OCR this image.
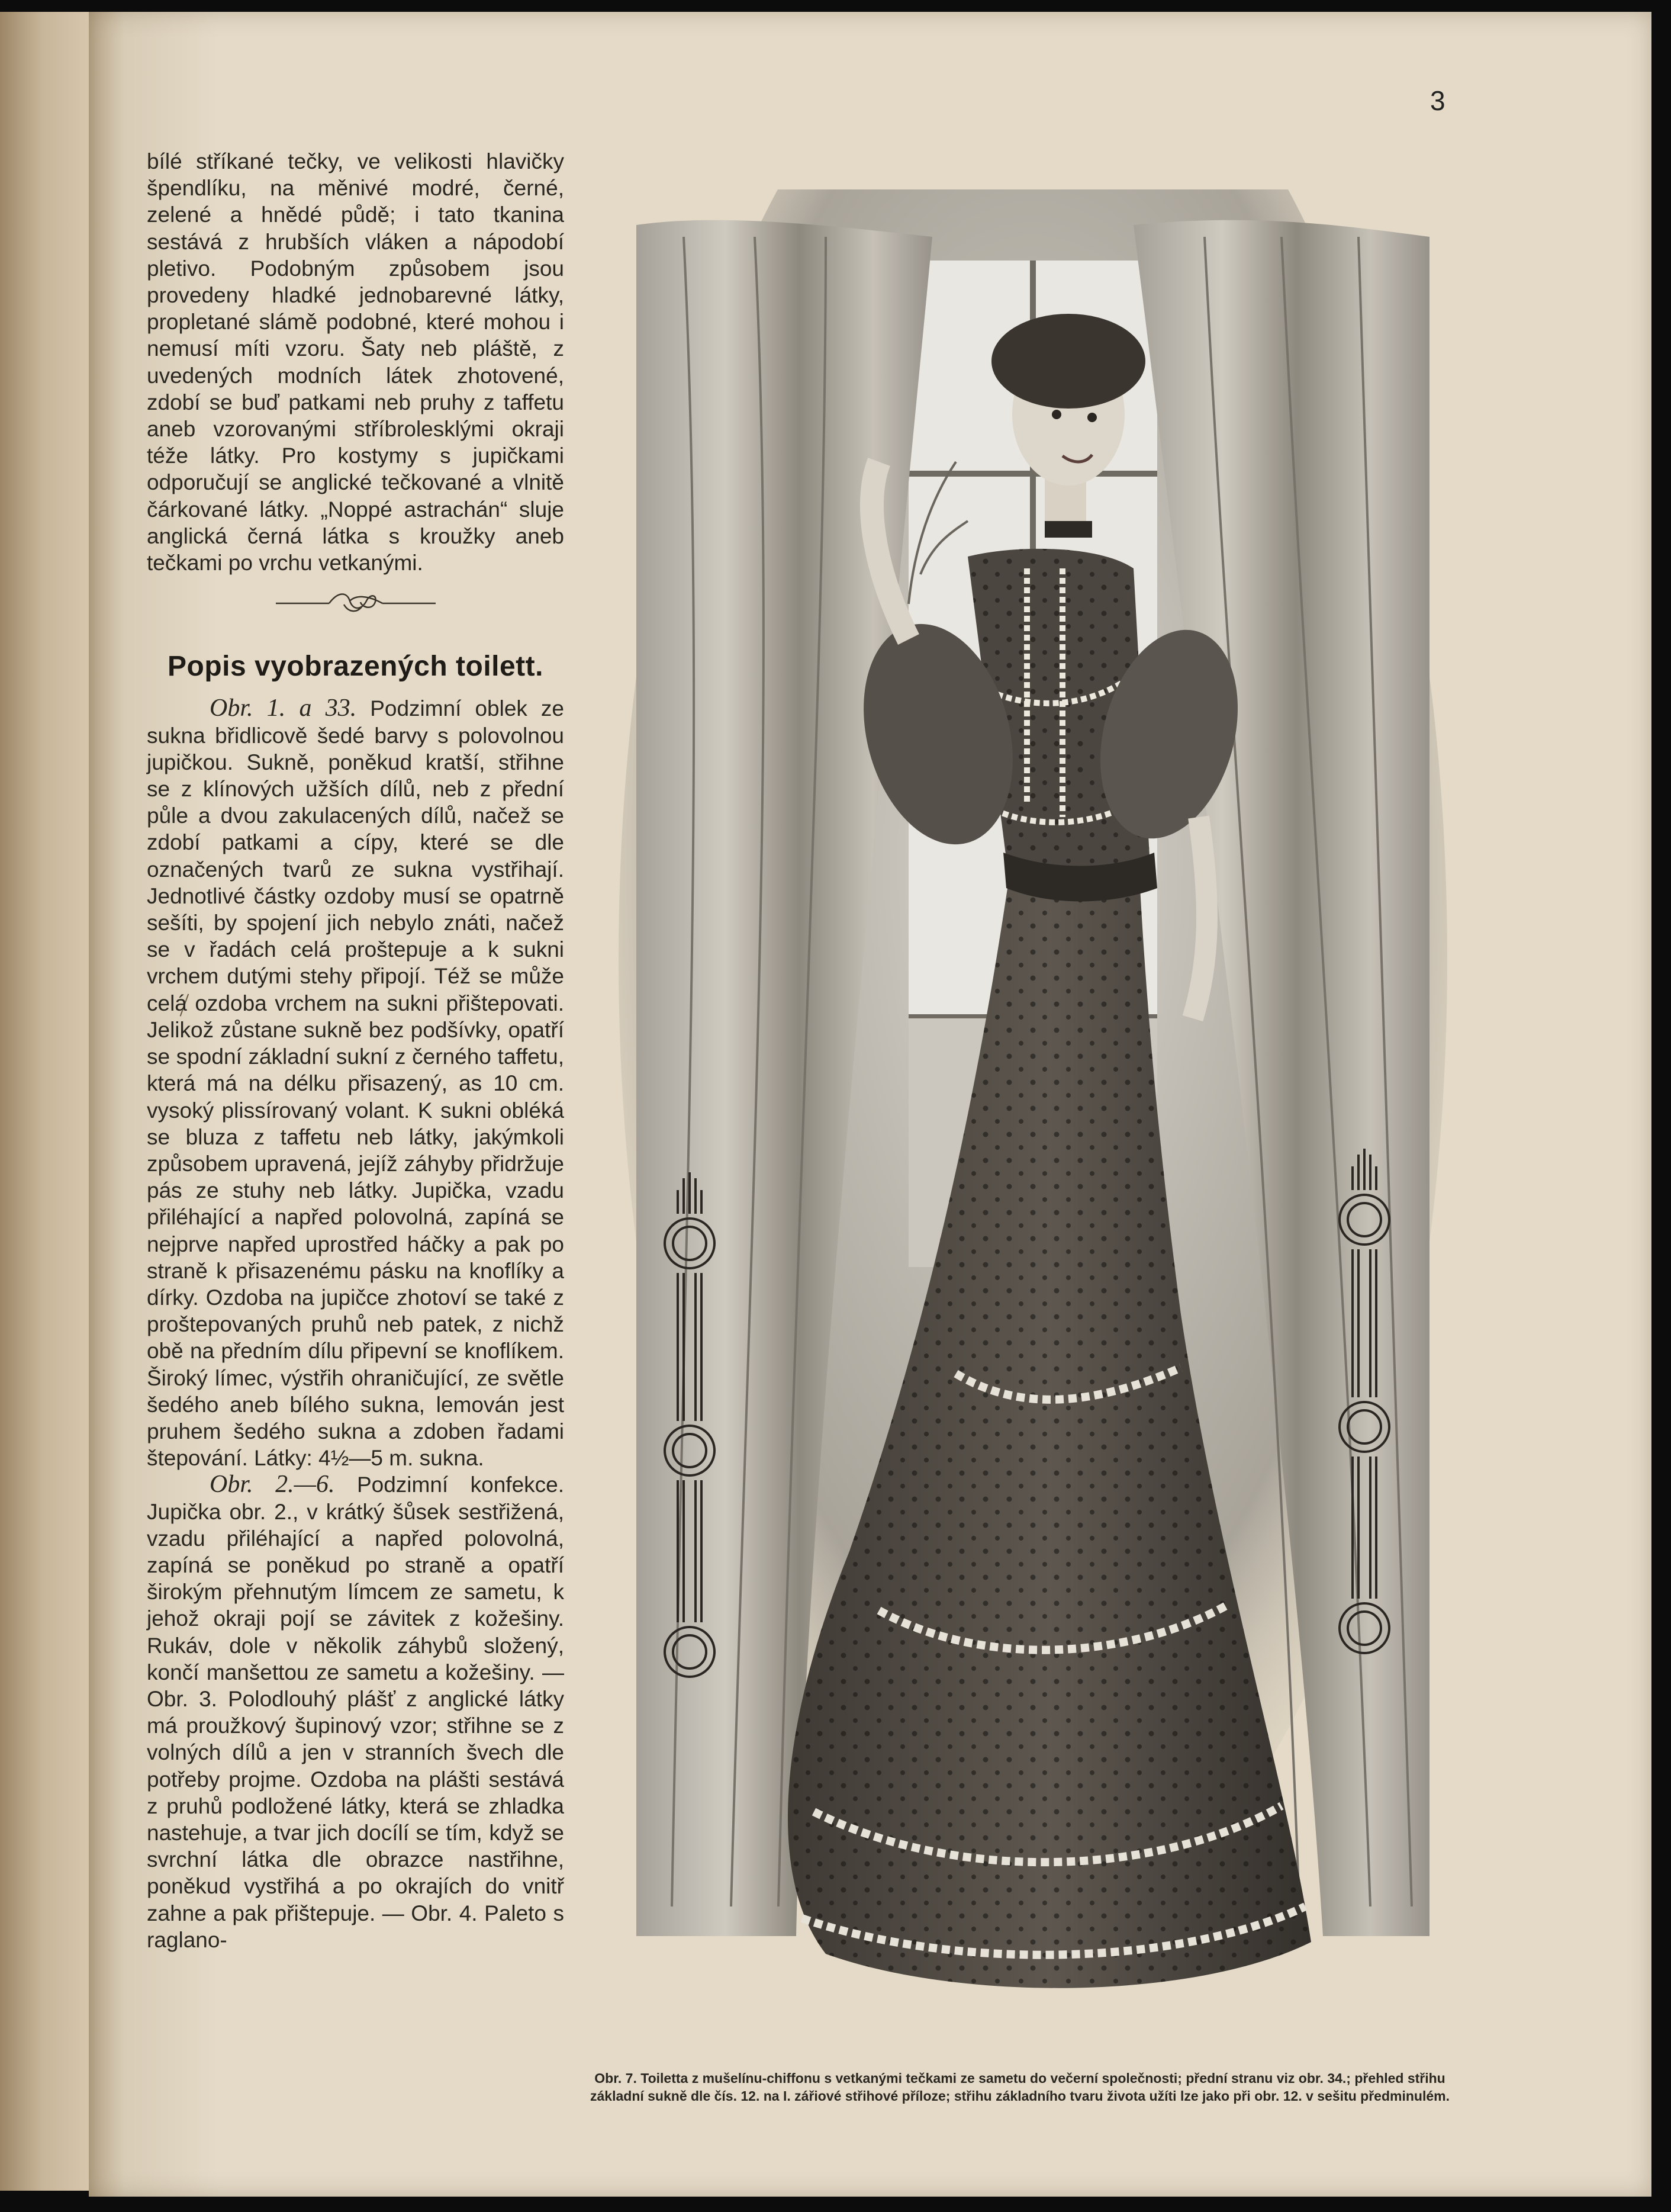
3

bílé stříkané tečky, ve velikosti hlavičky špendlíku, na měnivé modré, černé, zelené a hnědé půdě; i tato tkanina sestává z hrubších vláken a nápodobí pletivo. Podobným způsobem jsou provedeny hladké jednobarevné látky, propletané slámě podobné, které mohou i nemusí míti vzoru. Šaty neb pláště, z uvedených modních látek zhotovené, zdobí se buď patkami neb pruhy z taffetu aneb vzorovanými stříbrolesklými okraji téže látky. Pro kostymy s jupičkami odporučují se anglické tečkované a vlnitě čárkované látky. „Noppé astrachán“ sluje anglická černá látka s kroužky aneb tečkami po vrchu vetkanými.

Popis vyobrazených toilett.

Obr. 1. a 33. Podzimní oblek ze sukna břidlicově šedé barvy s polovolnou jupičkou. Sukně, poněkud kratší, střihne se z klínových užších dílů, neb z přední půle a dvou zakulacených dílů, načež se zdobí patkami a cípy, které se dle označených tvarů ze sukna vystřihají. Jednotlivé částky ozdoby musí se opatrně sešíti, by spojení jich nebylo znáti, načež se v řadách celá proštepuje a k sukni vrchem dutými stehy připojí. Též se může celá ozdoba vrchem na sukni přištepovati. Jelikož zůstane sukně bez podšívky, opatří se spodní základní sukní z černého taffetu, která má na délku přisazený, as 10 cm. vysoký plissírovaný volant. K sukni obléká se bluza z taffetu neb látky, jakýmkoli způsobem upravená, jejíž záhyby přidržuje pás ze stuhy neb látky. Jupička, vzadu přiléhající a napřed polovolná, zapíná se nejprve napřed uprostřed háčky a pak po straně k přisazenému pásku na knoflíky a dírky. Ozdoba na jupičce zhotoví se také z proštepovaných pruhů neb patek, z nichž obě na předním dílu připevní se knoflíkem. Široký límec, výstřih ohraničující, ze světle šedého aneb bílého sukna, lemován jest pruhem šedého sukna a zdoben řadami štepování. Látky: 4½—5 m. sukna.

Obr. 2.—6. Podzimní konfekce. Jupička obr. 2., v krátký šůsek sestřižená, vzadu přiléhající a napřed polovolná, zapíná se poněkud po straně a opatří širokým přehnutým límcem ze sametu, k jehož okraji pojí se závitek z kožešiny. Rukáv, dole v několik záhybů složený, končí manšettou ze sametu a kožešiny. — Obr. 3. Polodlouhý plášť z anglické látky má proužkový šupinový vzor; střihne se z volných dílů a jen v stranních švech dle potřeby projme. Ozdoba na plášti sestává z pruhů podložené látky, která se zhladka nastehuje, a tvar jich docílí se tím, když se svrchní látka dle obrazce nastřihne, poněkud vystřihá a po okrajích do vnitř zahne a pak přištepuje. — Obr. 4. Paleto s raglano-

Obr. 7. Toiletta z mušelínu-chiffonu s vetkanými tečkami ze sametu do večerní společnosti; přední stranu viz obr. 34.; přehled střihu základní sukně dle čís. 12. na I. zářiové střihové příloze; střihu základního tvaru života užíti lze jako při obr. 12. v sešitu předminulém.
